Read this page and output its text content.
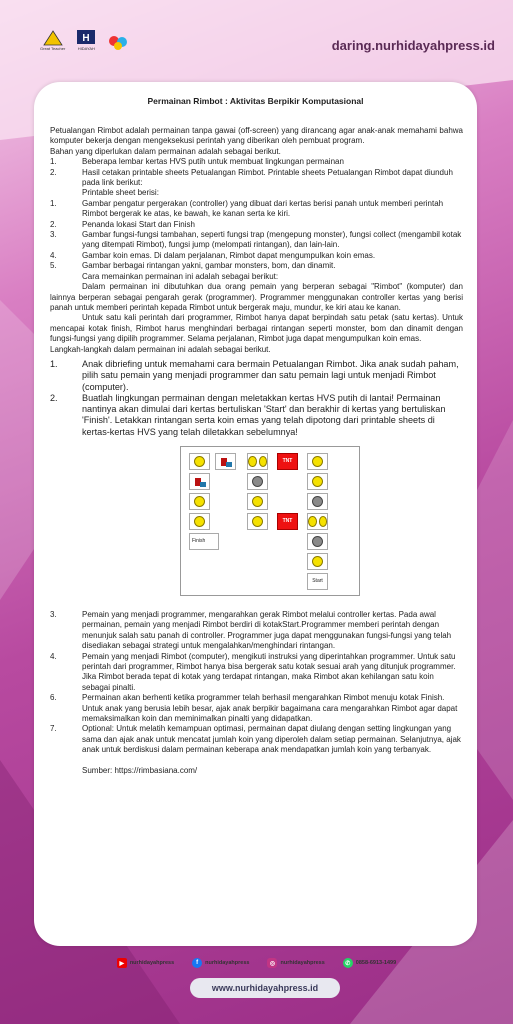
Great Teacher
H
HIDAYAH	daring.nurhidayahpress.id
Permainan Rimbot : Aktivitas Berpikir Komputasional

Petualangan Rimbot adalah permainan tanpa gawai (off-screen) yang dirancang agar anak-anak memahami bahwa komputer bekerja dengan mengeksekusi perintah yang diberikan oleh pembuat program.

Bahan yang diperlukan dalam permainan adalah sebagai berikut.

1.	Beberapa lembar kertas HVS putih untuk membuat lingkungan permainan
2.	Hasil cetakan printable sheets Petualangan Rimbot. Printable sheets Petualangan Rimbot dapat diunduh pada link berikut:

Printable sheet berisi:

1.	Gambar pengatur pergerakan (controller) yang dibuat dari kertas berisi panah untuk memberi perintah Rimbot bergerak ke atas, ke bawah, ke kanan serta ke kiri.
2.	Penanda lokasi Start dan Finish
3.	Gambar fungsi-fungsi tambahan, seperti fungsi trap (mengepung monster), fungsi collect (mengambil kotak yang ditempati Rimbot), fungsi jump (melompati rintangan), dan lain-lain.
4.	Gambar koin emas. Di dalam perjalanan, Rimbot dapat mengumpulkan koin emas.
5.	Gambar berbagai rintangan yakni, gambar monsters, bom, dan dinamit.

Cara memainkan permainan ini adalah sebagai berikut:

Dalam permainan ini dibutuhkan dua orang pemain yang berperan sebagai "Rimbot" (komputer) dan lainnya berperan sebagai pengarah gerak (programmer). Programmer menggunakan controller kertas yang berisi panah untuk memberi perintah kepada Rimbot untuk bergerak maju, mundur, ke kiri atau ke kanan.

Untuk satu kali perintah dari programmer, Rimbot hanya dapat berpindah satu petak (satu kertas). Untuk mencapai kotak finish, Rimbot harus menghindari berbagai rintangan seperti monster, bom dan dinamit dengan fungsi-fungsi yang dipilih programmer. Selama perjalanan, Rimbot juga dapat mengumpulkan koin emas.

Langkah-langkah dalam permainan ini adalah sebagai berikut.

1.	Anak dibriefing untuk memahami cara bermain Petualangan Rimbot. Jika anak sudah paham, pilih satu pemain yang menjadi programmer dan satu pemain lagi untuk menjadi Rimbot (computer).
2.	Buatlah lingkungan permainan dengan meletakkan kertas HVS putih di lantai! Permainan nantinya akan dimulai dari kertas bertuliskan 'Start' dan berakhir di kertas yang bertuliskan 'Finish'. Letakkan rintangan serta koin emas yang telah dipotong dari printable sheets di kertas-kertas HVS yang telah diletakkan sebelumnya!
TNT
TNT
Finish
Start
3.	Pemain yang menjadi programmer, mengarahkan gerak Rimbot melalui controller kertas. Pada awal permainan, pemain yang menjadi Rimbot berdiri di kotakStart.Programmer memberi perintah dengan menunjuk salah satu panah di controller. Programmer juga dapat menggunakan fungsi-fungsi yang telah disediakan sebagai strategi untuk mengalahkan/menghindari rintangan.
4.	Pemain yang menjadi Rimbot (computer), mengikuti instruksi yang diperintahkan programmer. Untuk satu perintah dari programmer, Rimbot hanya bisa bergerak satu kotak sesuai arah yang ditunjuk programmer. Jika Rimbot berada tepat di kotak yang terdapat rintangan, maka Rimbot akan kehilangan satu koin sebagai pinalti.
6.	Permainan akan berhenti ketika programmer telah berhasil mengarahkan Rimbot menuju kotak Finish. Untuk anak yang berusia lebih besar, ajak anak berpikir bagaimana cara mengarahkan Rimbot agar dapat memaksimalkan koin dan meminimalkan pinalti yang didapatkan.
7.	Optional: Untuk melatih kemampuan optimasi, permainan dapat diulang dengan setting lingkungan yang sama dan ajak anak untuk mencatat jumlah koin yang diperoleh dalam setiap permainan. Selanjutnya, ajak anak untuk berdiskusi dalam permainan keberapa anak mendapatkan jumlah koin yang terbanyak.

Sumber: https://rimbasiana.com/

▶	nurhidayahpress	f	nurhidayahpress	◎ nurhidayahpress	✆ 0858-6913-1499
www.nurhidayahpress.id
